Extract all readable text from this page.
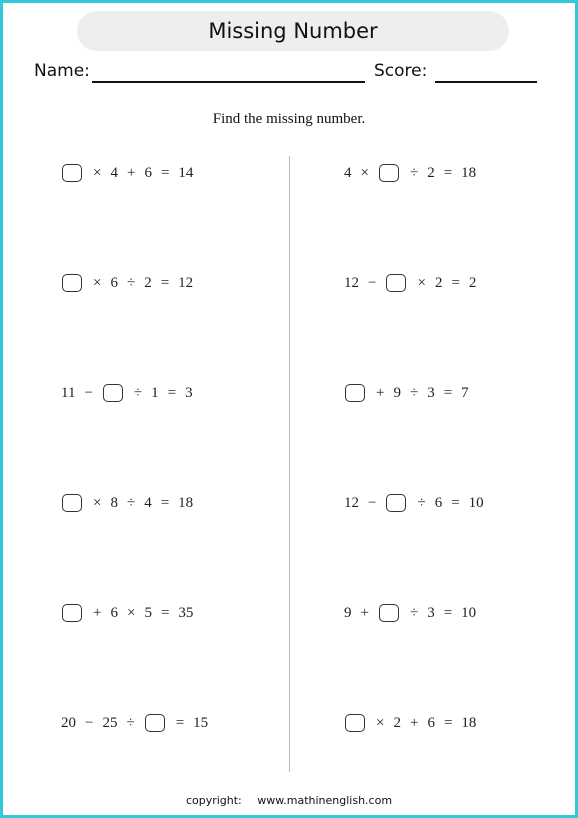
Missing Number
Name:	Score:
Find the missing number.
× 4 + 6 = 14
× 6 ÷ 2 = 12
11 −	÷ 1 = 3
× 8 ÷ 4 = 18
+ 6 × 5 = 35
20 − 25 ÷	= 15
4 ×	÷ 2 = 18
12 −	× 2 = 2
+ 9 ÷ 3 = 7
12 −	÷ 6 = 10
9 +	÷ 3 = 10
× 2 + 6 = 18
copyright: www.mathinenglish.com
